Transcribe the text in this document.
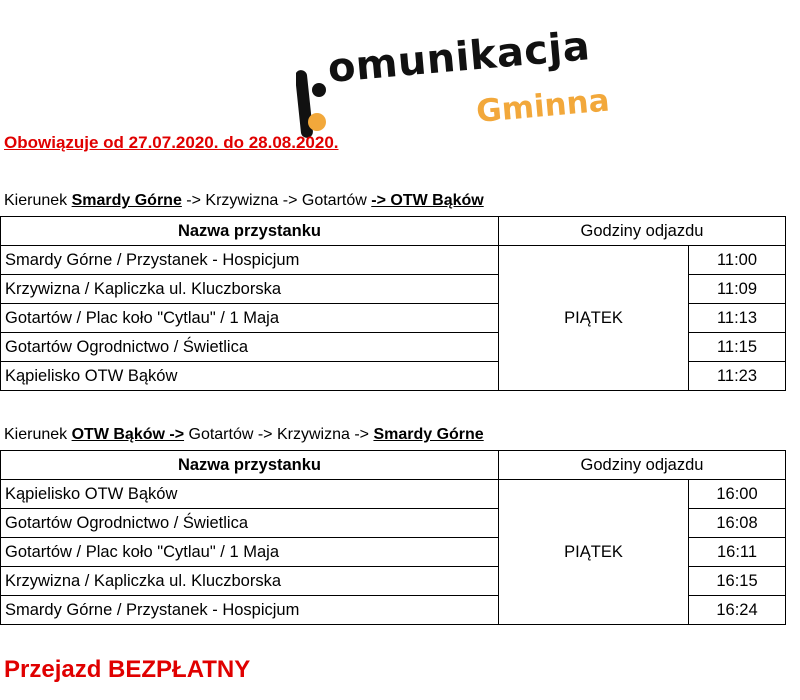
omunikacja
Gminna
Obowiązuje od 27.07.2020. do 28.08.2020.
Kierunek Smardy Górne -> Krzywizna -> Gotartów -> OTW Bąków
Nazwa przystanku	Godziny odjazdu	
Smardy Górne / Przystanek - Hospicjum	PIĄTEK	11:00
Krzywizna / Kapliczka ul. Kluczborska		11:09
Gotartów / Plac koło "Cytlau" / 1 Maja		11:13
Gotartów Ogrodnictwo / Świetlica		11:15
Kąpielisko OTW Bąków		11:23
Kierunek OTW Bąków -> Gotartów -> Krzywizna -> Smardy Górne
Nazwa przystanku	Godziny odjazdu	
Kąpielisko OTW Bąków	PIĄTEK	16:00
Gotartów Ogrodnictwo / Świetlica		16:08
Gotartów / Plac koło "Cytlau" / 1 Maja		16:11
Krzywizna / Kapliczka ul. Kluczborska		16:15
Smardy Górne / Przystanek - Hospicjum		16:24
Przejazd BEZPŁATNY
